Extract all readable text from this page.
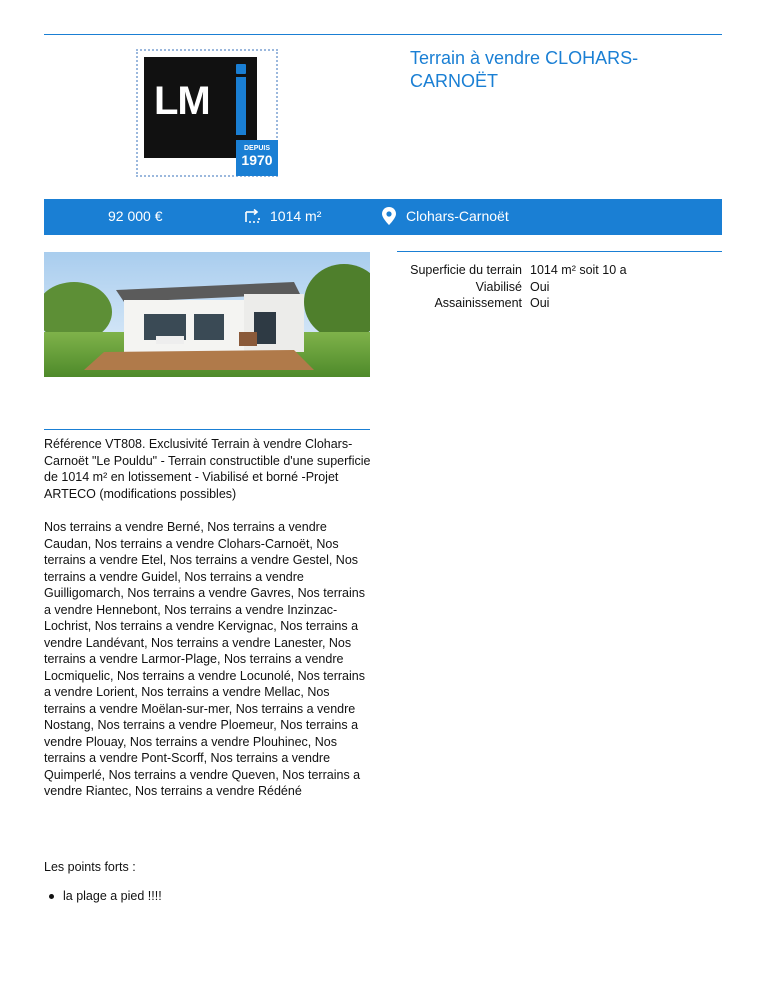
LM
DEPUIS
1970
Terrain à vendre CLOHARS-CARNOËT
92 000 €	1014 m²	Clohars-Carnoët
Superficie du terrain 1014 m² soit 10 a
Viabilisé Oui
Assainissement Oui

Référence VT808. Exclusivité Terrain à vendre Clohars-Carnoët "Le Pouldu" - Terrain constructible d'une superficie de 1014 m² en lotissement - Viabilisé et borné -Projet ARTECO (modifications possibles)

Nos terrains a vendre Berné, Nos terrains a vendre Caudan, Nos terrains a vendre Clohars-Carnoët, Nos terrains a vendre Etel, Nos terrains a vendre Gestel, Nos terrains a vendre Guidel, Nos terrains a vendre Guilligomarch, Nos terrains a vendre Gavres, Nos terrains a vendre Hennebont, Nos terrains a vendre Inzinzac-Lochrist, Nos terrains a vendre Kervignac, Nos terrains a vendre Landévant, Nos terrains a vendre Lanester, Nos terrains a vendre Larmor-Plage, Nos terrains a vendre Locmiquelic, Nos terrains a vendre Locunolé, Nos terrains a vendre Lorient, Nos terrains a vendre Mellac, Nos terrains a vendre Moëlan-sur-mer, Nos terrains a vendre Nostang, Nos terrains a vendre Ploemeur, Nos terrains a vendre Plouay, Nos terrains a vendre Plouhinec, Nos terrains a vendre Pont-Scorff, Nos terrains a vendre Quimperlé, Nos terrains a vendre Queven, Nos terrains a vendre Riantec, Nos terrains a vendre Rédéné

Les points forts :
la plage a pied !!!!
